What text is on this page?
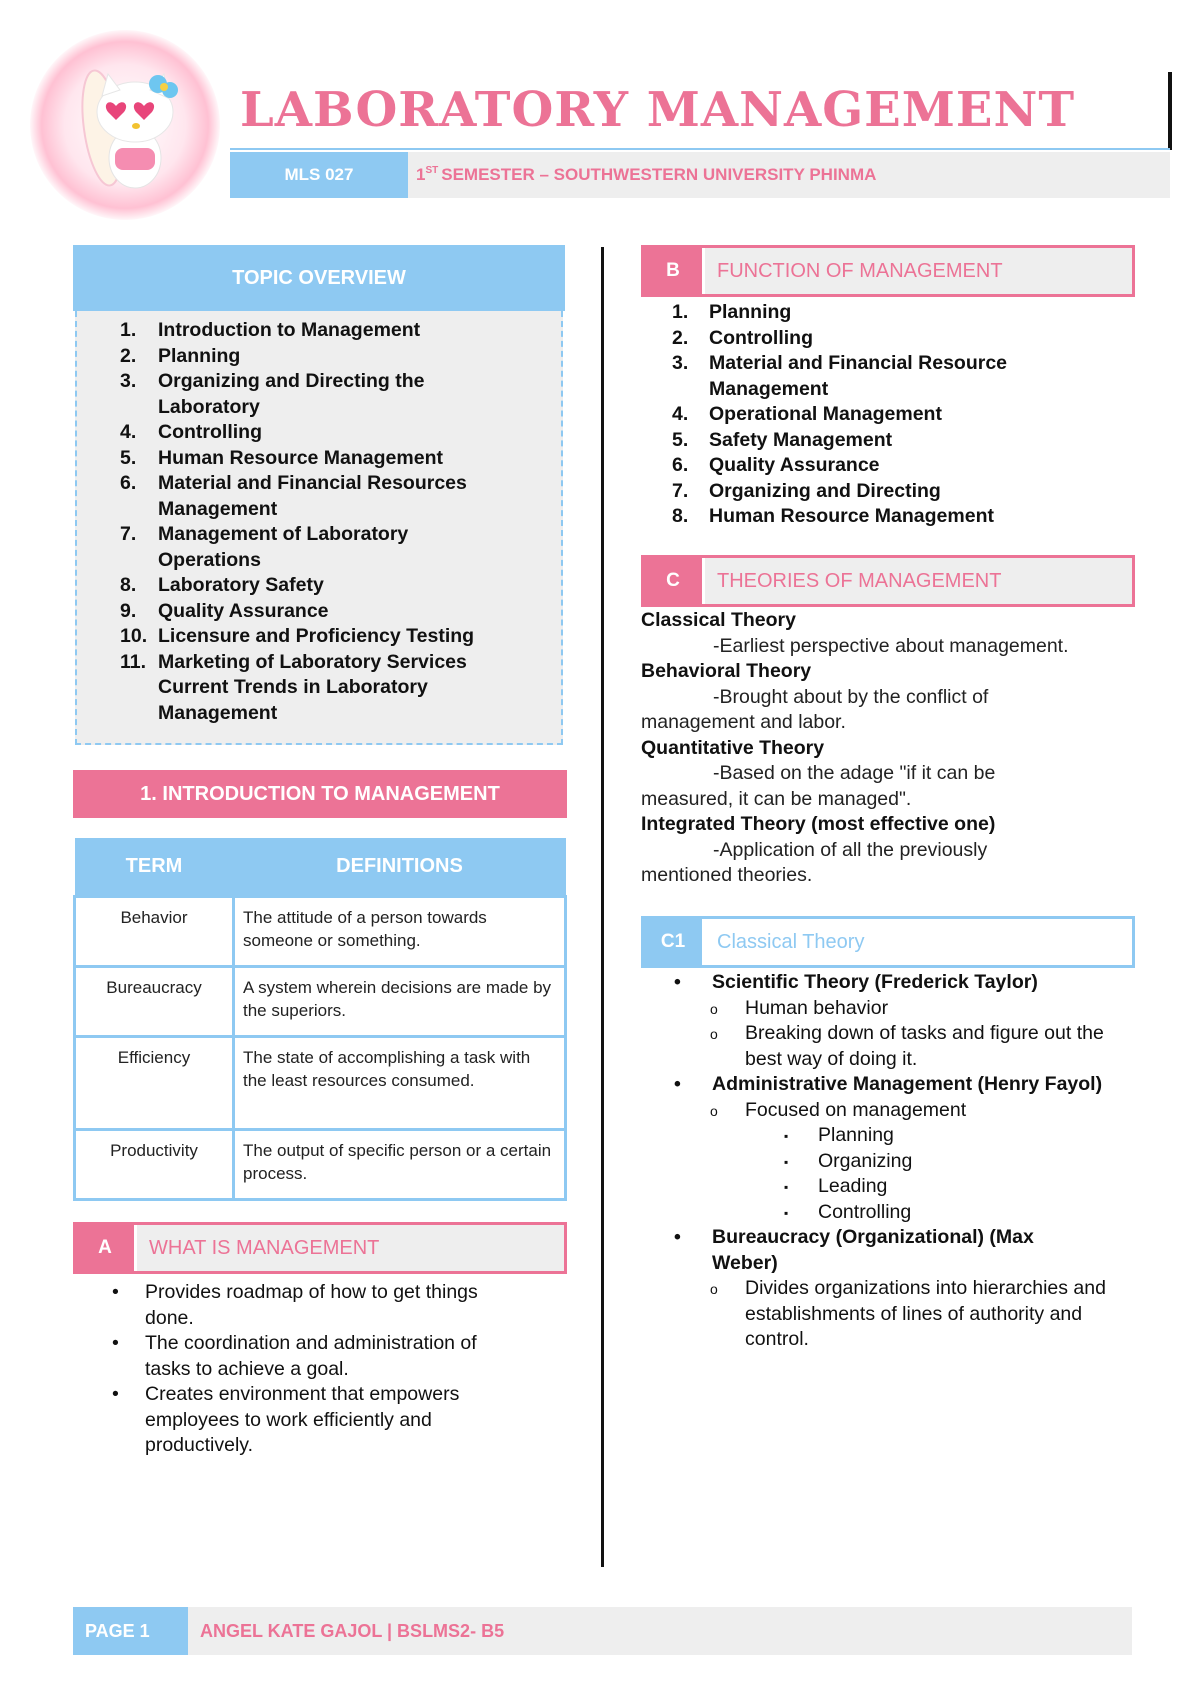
LABORATORY MANAGEMENT
MLS 027	1ST SEMESTER – SOUTHWESTERN UNIVERSITY PHINMA
TOPIC OVERVIEW
1.	Introduction to Management
2.	Planning
3.	Organizing and Directing the Laboratory
4.	Controlling
5.	Human Resource Management
6.	Material and Financial Resources Management
7.	Management of Laboratory Operations
8.	Laboratory Safety
9.	Quality Assurance
10. Licensure and Proficiency Testing
11. Marketing of Laboratory Services Current Trends in Laboratory Management
1. INTRODUCTION TO MANAGEMENT
TERM	DEFINITIONS
Behavior	The attitude of a person towards someone or something.
Bureaucracy	A system wherein decisions are made by the superiors.
Efficiency	The state of accomplishing a task with the least resources consumed.
Productivity	The output of specific person or a certain process.
A	WHAT IS MANAGEMENT
• Provides roadmap of how to get things done.
• The coordination and administration of tasks to achieve a goal.
• Creates environment that empowers employees to work efficiently and productively.
B	FUNCTION OF MANAGEMENT
1.	Planning
2.	Controlling
3.	Material and Financial Resource Management
4.	Operational Management
5.	Safety Management
6.	Quality Assurance
7.	Organizing and Directing
8.	Human Resource Management
C	THEORIES OF MANAGEMENT
Classical Theory
-Earliest perspective about management.
Behavioral Theory
-Brought about by the conflict of management and labor.
Quantitative Theory
-Based on the adage "if it can be measured, it can be managed".
Integrated Theory (most effective one)
-Application of all the previously mentioned theories.
C1	Classical Theory
• Scientific Theory (Frederick Taylor)
o Human behavior
o Breaking down of tasks and figure out the best way of doing it.
• Administrative Management (Henry Fayol)
o Focused on management
▪ Planning
▪ Organizing
▪ Leading
▪ Controlling
• Bureaucracy (Organizational) (Max Weber)
o Divides organizations into hierarchies and establishments of lines of authority and control.
PAGE 1	ANGEL KATE GAJOL | BSLMS2- B5
